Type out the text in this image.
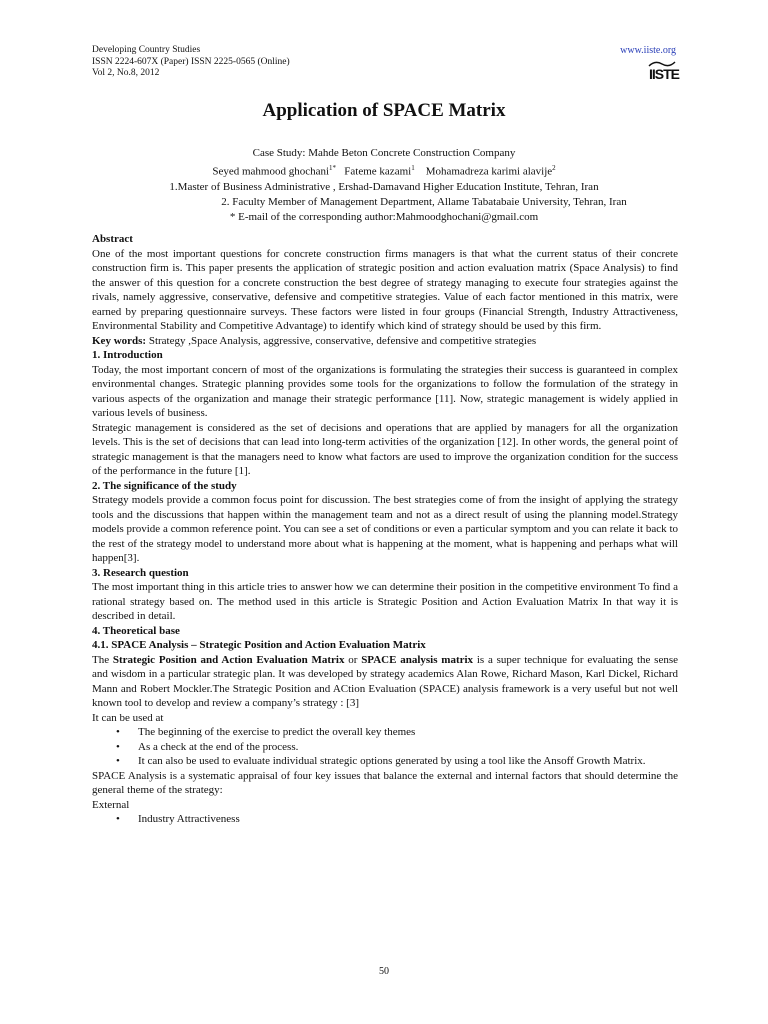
Developing Country Studies
ISSN 2224-607X (Paper) ISSN 2225-0565 (Online)
Vol 2, No.8, 2012
www.iiste.org
IISTE
Application of SPACE Matrix
Case Study: Mahde Beton Concrete Construction Company
Seyed mahmood ghochani$^{1*}$ Fateme kazami$^1$ Mohamadreza karimi alavije$^2$
1.Master of Business Administrative , Ershad-Damavand Higher Education Institute, Tehran, Iran
2. Faculty Member of Management Department, Allame Tabatabaie University, Tehran, Iran
* E-mail of the corresponding author:Mahmoodghochani@gmail.com

Abstract

One of the most important questions for concrete construction firms managers is that what the current status of their concrete construction firm is. This paper presents the application of strategic position and action evaluation matrix (Space Analysis) to find the answer of this question for a concrete construction the best degree of strategy managing to execute four strategies against the rivals, namely aggressive, conservative, defensive and competitive strategies. Value of each factor mentioned in this matrix, were earned by preparing questionnaire surveys. These factors were listed in four groups (Financial Strength, Industry Attractiveness, Environmental Stability and Competitive Advantage) to identify which kind of strategy should be used by this firm.

Key words: Strategy ,Space Analysis, aggressive, conservative, defensive and competitive strategies

1. Introduction

Today, the most important concern of most of the organizations is formulating the strategies their success is guaranteed in complex environmental changes. Strategic planning provides some tools for the organizations to follow the formulation of the strategy in various aspects of the organization and manage their strategic performance [11]. Now, strategic management is widely applied in various levels of business.

Strategic management is considered as the set of decisions and operations that are applied by managers for all the organization levels. This is the set of decisions that can lead into long-term activities of the organization [12]. In other words, the general point of strategic management is that the managers need to know what factors are used to improve the organization condition for the success of the performance in the future [1].

2. The significance of the study

Strategy models provide a common focus point for discussion. The best strategies come of from the insight of applying the strategy tools and the discussions that happen within the management team and not as a direct result of using the planning model.Strategy models provide a common reference point. You can see a set of conditions or even a particular symptom and you can relate it back to the rest of the strategy model to understand more about what is happening at the moment, what is happening and perhaps what will happen[3].

3. Research question

The most important thing in this article tries to answer how we can determine their position in the competitive environment To find a rational strategy based on. The method used in this article is Strategic Position and Action Evaluation Matrix In that way it is described in detail.

4. Theoretical base

4.1. SPACE Analysis – Strategic Position and Action Evaluation Matrix

The Strategic Position and Action Evaluation Matrix or SPACE analysis matrix is a super technique for evaluating the sense and wisdom in a particular strategic plan. It was developed by strategy academics Alan Rowe, Richard Mason, Karl Dickel, Richard Mann and Robert Mockler.The Strategic Position and ACtion Evaluation (SPACE) analysis framework is a very useful but not well known tool to develop and review a company’s strategy : [3]

It can be used at

• The beginning of the exercise to predict the overall key themes
• As a check at the end of the process.
• It can also be used to evaluate individual strategic options generated by using a tool like the Ansoff Growth Matrix.

SPACE Analysis is a systematic appraisal of four key issues that balance the external and internal factors that should determine the general theme of the strategy:

External

• Industry Attractiveness
50
